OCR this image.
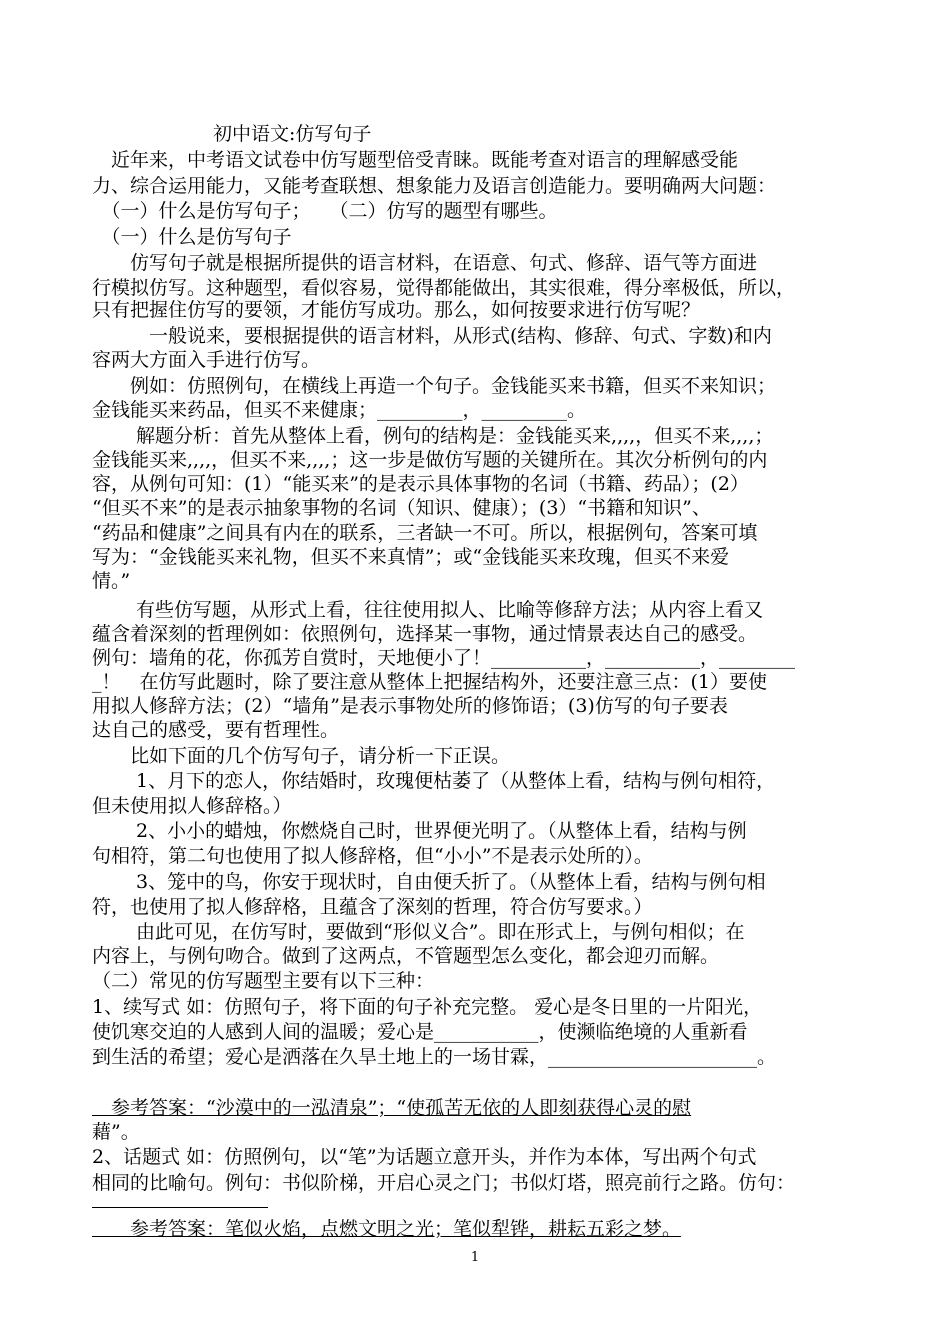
初中语文:仿写句子
　近年来，中考语文试卷中仿写题型倍受青睐。既能考查对语言的理解感受能
力、综合运用能力，又能考查联想、想象能力及语言创造能力。要明确两大问题：
　（一）什么是仿写句子；　　（二）仿写的题型有哪些。
　（一）什么是仿写句子
　　仿写句子就是根据所提供的语言材料，在语意、句式、修辞、语气等方面进
行模拟仿写。这种题型，看似容易，觉得都能做出，其实很难，得分率极低，所以，
只有把握住仿写的要领，才能仿写成功。那么，如何按要求进行仿写呢？
　　　一般说来，要根据提供的语言材料，从形式(结构、修辞、句式、字数)和内
容两大方面入手进行仿写。
　　例如：仿照例句，在横线上再造一个句子。金钱能买来书籍，但买不来知识；
金钱能买来药品，但买不来健康；_________，_________。
　　 解题分析：首先从整体上看，例句的结构是：金钱能买来,,,,，但买不来,,,,；
金钱能买来,,,,，但买不来,,,,；这一步是做仿写题的关键所在。其次分析例句的内
容，从例句可知：(1）“能买来”的是表示具体事物的名词（书籍、药品）；(2）
“但买不来”的是表示抽象事物的名词（知识、健康）；(3）“书籍和知识”、
“药品和健康”之间具有内在的联系，三者缺一不可。所以，根据例句，答案可填
写为：“金钱能买来礼物，但买不来真情”；或“金钱能买来玫瑰，但买不来爱
情。”
　　 有些仿写题，从形式上看，往往使用拟人、比喻等修辞方法；从内容上看又
蕴含着深刻的哲理例如：依照例句，选择某一事物，通过情景表达自己的感受。
例句：墙角的花，你孤芳自赏时，天地便小了！__________，__________，________
_！　在仿写此题时，除了要注意从整体上把握结构外，还要注意三点：(1）要使
用拟人修辞方法；(2）“墙角”是表示事物处所的修饰语；(3)仿写的句子要表
达自己的感受，要有哲理性。
　　比如下面的几个仿写句子，请分析一下正误。
　　 1、月下的恋人，你结婚时，玫瑰便枯萎了（从整体上看，结构与例句相符，
但未使用拟人修辞格。）
　　 2、小小的蜡烛，你燃烧自己时，世界便光明了。（从整体上看，结构与例
句相符，第二句也使用了拟人修辞格，但“小小”不是表示处所的）。
　　 3、笼中的鸟，你安于现状时，自由便夭折了。（从整体上看，结构与例句相
符，也使用了拟人修辞格，且蕴含了深刻的哲理，符合仿写要求。）
　　 由此可见，在仿写时，要做到“形似义合”。即在形式上，与例句相似；在
内容上，与例句吻合。做到了这两点，不管题型怎么变化，都会迎刃而解。
（二）常见的仿写题型主要有以下三种：
1、续写式 如：仿照句子，将下面的句子补充完整。 爱心是冬日里的一片阳光，
使饥寒交迫的人感到人间的温暖；爱心是___________，使濒临绝境的人重新看
到生活的希望；爱心是洒落在久旱土地上的一场甘霖，______________________。
　参考答案：“沙漠中的一泓清泉”；“使孤苦无依的人即刻获得心灵的慰
藉”。
2、话题式 如：仿照例句，以“笔”为话题立意开头，并作为本体，写出两个句式
相同的比喻句。例句：书似阶梯，开启心灵之门；书似灯塔，照亮前行之路。仿句：
　　参考答案：笔似火焰，点燃文明之光；笔似犁铧，耕耘五彩之梦。
1
